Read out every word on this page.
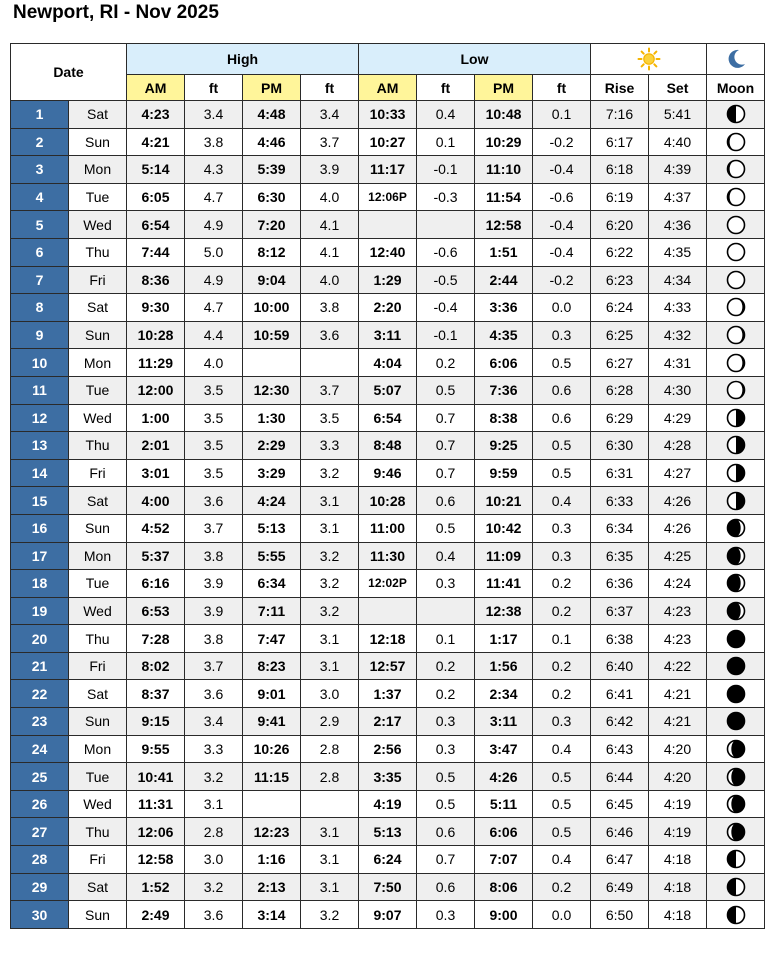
Newport, RI - Nov 2025
Date		High				Low	

		AM	ft	PM	ft	AM	ft	PM	ft	Rise	Set	Moon
1	Sat	4:23	3.4	4:48	3.4	10:33	0.4	10:48	0.1	7:16	5:41	

2	Sun	4:21	3.8	4:46	3.7	10:27	0.1	10:29	-0.2	6:17	4:40	

3	Mon	5:14	4.3	5:39	3.9	11:17	-0.1	11:10	-0.4	6:18	4:39	

4	Tue	6:05	4.7	6:30	4.0	12:06P	-0.3	11:54	-0.6	6:19	4:37	

5	Wed	6:54	4.9	7:20	4.1			12:58	-0.4	6:20	4:36	

6	Thu	7:44	5.0	8:12	4.1	12:40	-0.6	1:51	-0.4	6:22	4:35	

7	Fri	8:36	4.9	9:04	4.0	1:29	-0.5	2:44	-0.2	6:23	4:34	

8	Sat	9:30	4.7	10:00	3.8	2:20	-0.4	3:36	0.0	6:24	4:33	

9	Sun	10:28	4.4	10:59	3.6	3:11	-0.1	4:35	0.3	6:25	4:32	

10	Mon	11:29	4.0			4:04	0.2	6:06	0.5	6:27	4:31	

11	Tue	12:00	3.5	12:30	3.7	5:07	0.5	7:36	0.6	6:28	4:30	

12	Wed	1:00	3.5	1:30	3.5	6:54	0.7	8:38	0.6	6:29	4:29	

13	Thu	2:01	3.5	2:29	3.3	8:48	0.7	9:25	0.5	6:30	4:28	

14	Fri	3:01	3.5	3:29	3.2	9:46	0.7	9:59	0.5	6:31	4:27	

15	Sat	4:00	3.6	4:24	3.1	10:28	0.6	10:21	0.4	6:33	4:26	

16	Sun	4:52	3.7	5:13	3.1	11:00	0.5	10:42	0.3	6:34	4:26	

17	Mon	5:37	3.8	5:55	3.2	11:30	0.4	11:09	0.3	6:35	4:25	

18	Tue	6:16	3.9	6:34	3.2	12:02P	0.3	11:41	0.2	6:36	4:24	

19	Wed	6:53	3.9	7:11	3.2			12:38	0.2	6:37	4:23	

20	Thu	7:28	3.8	7:47	3.1	12:18	0.1	1:17	0.1	6:38	4:23	

21	Fri	8:02	3.7	8:23	3.1	12:57	0.2	1:56	0.2	6:40	4:22	

22	Sat	8:37	3.6	9:01	3.0	1:37	0.2	2:34	0.2	6:41	4:21	

23	Sun	9:15	3.4	9:41	2.9	2:17	0.3	3:11	0.3	6:42	4:21	

24	Mon	9:55	3.3	10:26	2.8	2:56	0.3	3:47	0.4	6:43	4:20	

25	Tue	10:41	3.2	11:15	2.8	3:35	0.5	4:26	0.5	6:44	4:20	

26	Wed	11:31	3.1			4:19	0.5	5:11	0.5	6:45	4:19	

27	Thu	12:06	2.8	12:23	3.1	5:13	0.6	6:06	0.5	6:46	4:19	

28	Fri	12:58	3.0	1:16	3.1	6:24	0.7	7:07	0.4	6:47	4:18	

29	Sat	1:52	3.2	2:13	3.1	7:50	0.6	8:06	0.2	6:49	4:18	

30	Sun	2:49	3.6	3:14	3.2	9:07	0.3	9:00	0.0	6:50	4:18	
